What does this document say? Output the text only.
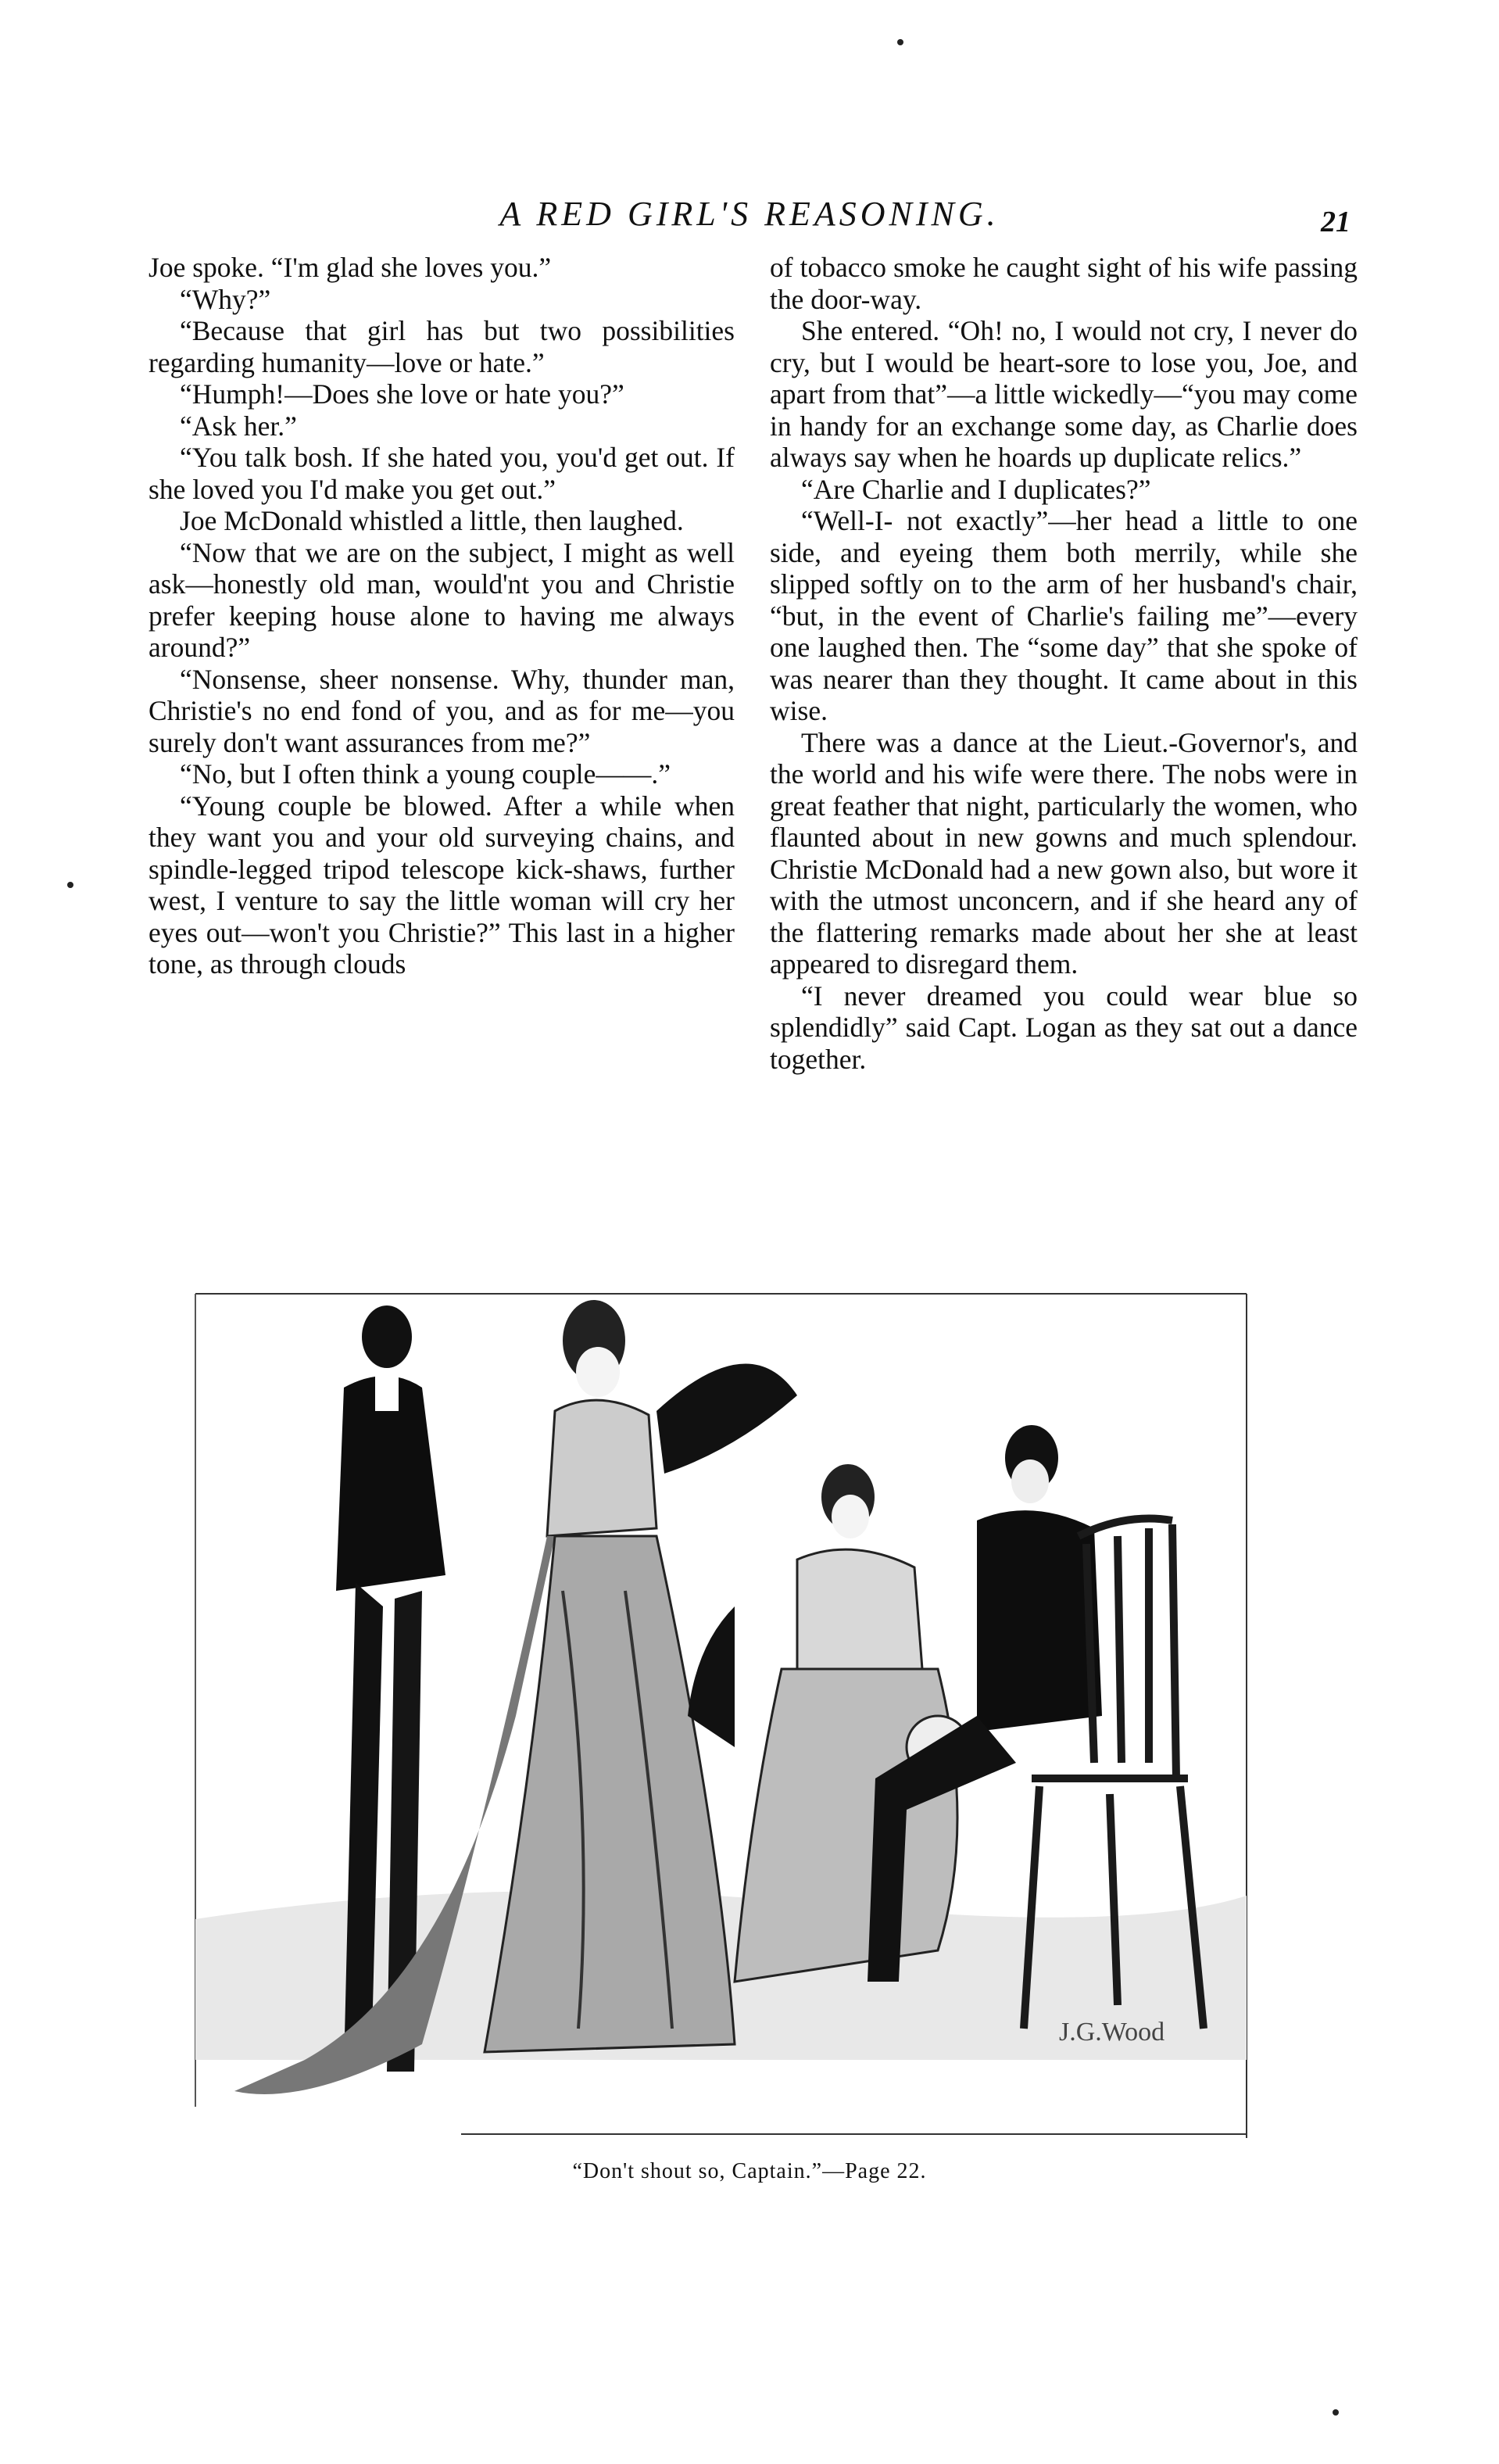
A RED GIRL'S REASONING.	21

Joe spoke. “I'm glad she loves you.”

“Why?”

“Because that girl has but two possibilities regarding humanity—love or hate.”

“Humph!—Does she love or hate you?”

“Ask her.”

“You talk bosh. If she hated you, you'd get out. If she loved you I'd make you get out.”

Joe McDonald whistled a little, then laughed.

“Now that we are on the subject, I might as well ask—honestly old man, would'nt you and Christie prefer keeping house alone to having me always around?”

“Nonsense, sheer nonsense. Why, thunder man, Christie's no end fond of you, and as for me—you surely don't want assurances from me?”

“No, but I often think a young couple——.”

“Young couple be blowed. After a while when they want you and your old surveying chains, and spindle-legged tripod telescope kick-shaws, further west, I venture to say the little woman will cry her eyes out—won't you Christie?” This last in a higher tone, as through clouds

of tobacco smoke he caught sight of his wife passing the door-way.

She entered. “Oh! no, I would not cry, I never do cry, but I would be heart-sore to lose you, Joe, and apart from that”—a little wickedly—“you may come in handy for an exchange some day, as Charlie does always say when he hoards up duplicate relics.”

“Are Charlie and I duplicates?”

“Well-I- not exactly”—her head a little to one side, and eyeing them both merrily, while she slipped softly on to the arm of her husband's chair, “but, in the event of Charlie's failing me”—every one laughed then. The “some day” that she spoke of was nearer than they thought. It came about in this wise.

There was a dance at the Lieut.-Governor's, and the world and his wife were there. The nobs were in great feather that night, particularly the women, who flaunted about in new gowns and much splendour. Christie McDonald had a new gown also, but wore it with the utmost unconcern, and if she heard any of the flattering remarks made about her she at least appeared to disregard them.

“I never dreamed you could wear blue so splendidly” said Capt. Logan as they sat out a dance together.

J.G.Wood
“Don't shout so, Captain.”—Page 22.
